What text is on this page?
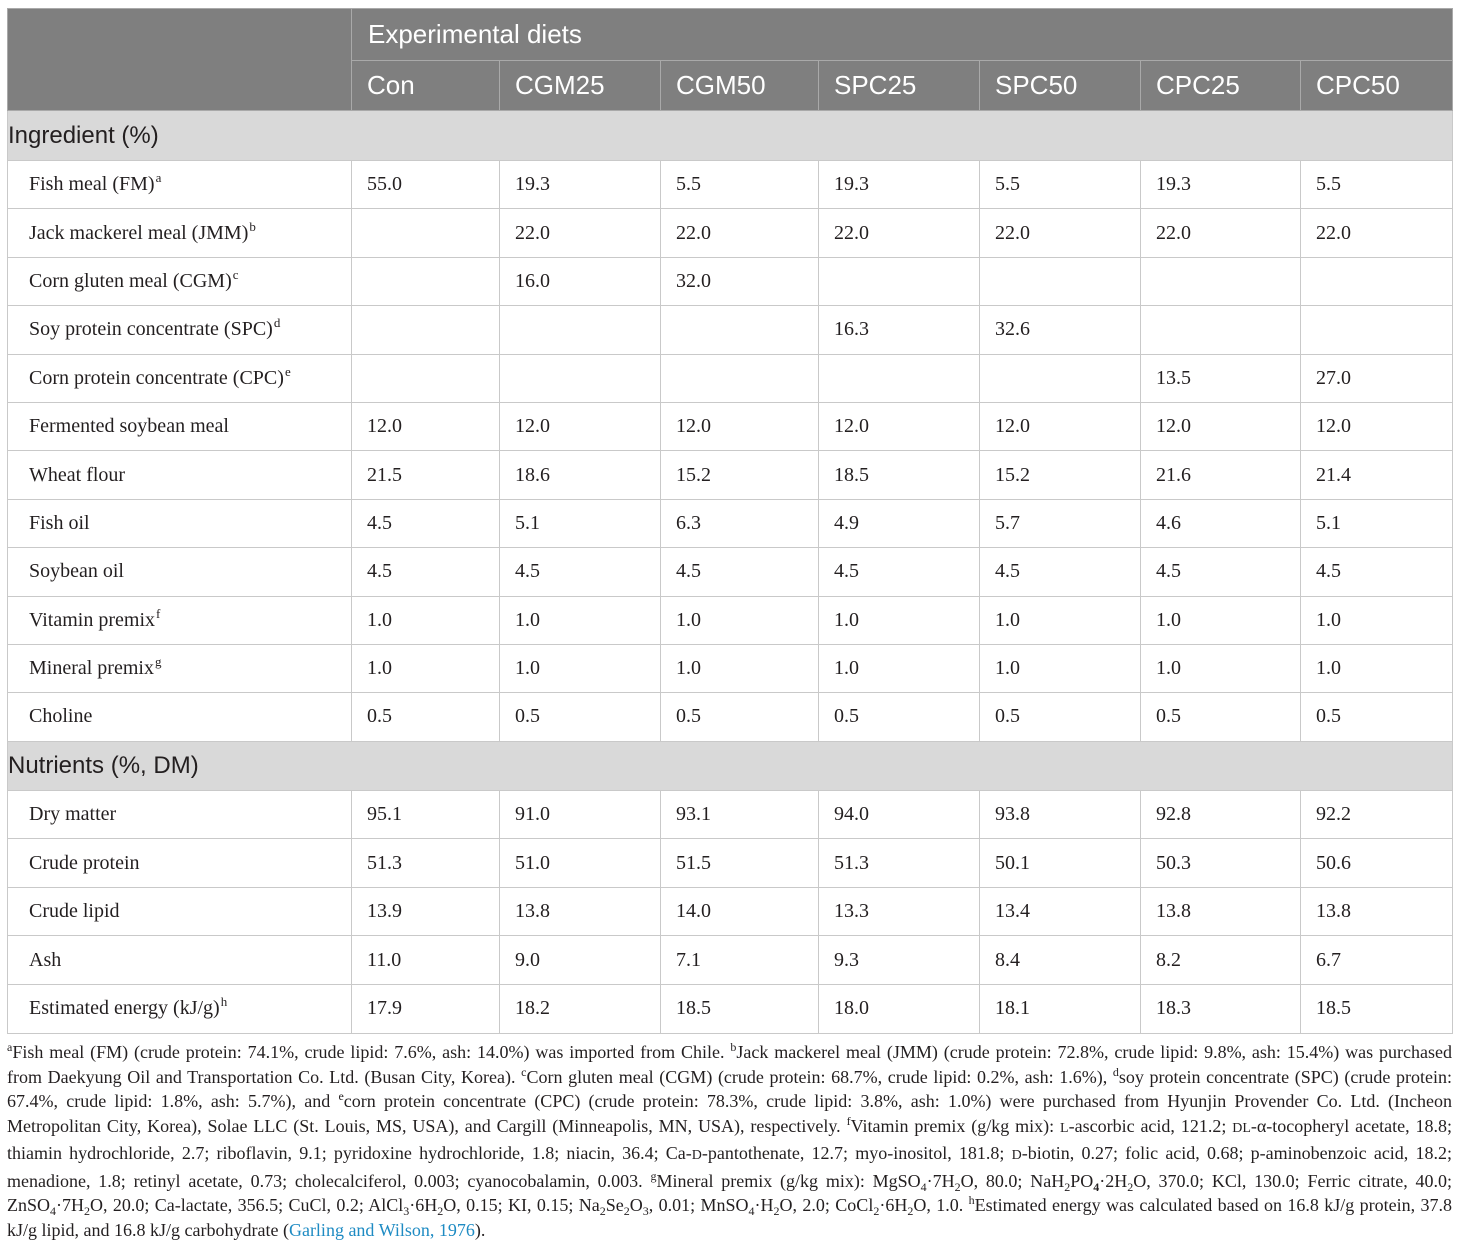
	Experimental diets						
	Con	CGM25	CGM50	SPC25	SPC50	CPC25	CPC50
Ingredient (%)							
Fish meal (FM)$^a$	55.0	19.3	5.5	19.3	5.5	19.3	5.5
Jack mackerel meal (JMM)$^b$		22.0	22.0	22.0	22.0	22.0	22.0
Corn gluten meal (CGM)$^c$		16.0	32.0				
Soy protein concentrate (SPC)$^d$				16.3	32.6		
Corn protein concentrate (CPC)$^e$						13.5	27.0
Fermented soybean meal	12.0	12.0	12.0	12.0	12.0	12.0	12.0
Wheat flour	21.5	18.6	15.2	18.5	15.2	21.6	21.4
Fish oil	4.5	5.1	6.3	4.9	5.7	4.6	5.1
Soybean oil	4.5	4.5	4.5	4.5	4.5	4.5	4.5
Vitamin premix$^f$	1.0	1.0	1.0	1.0	1.0	1.0	1.0
Mineral premix$^g$	1.0	1.0	1.0	1.0	1.0	1.0	1.0
Choline	0.5	0.5	0.5	0.5	0.5	0.5	0.5
Nutrients (%, DM)							
Dry matter	95.1	91.0	93.1	94.0	93.8	92.8	92.2
Crude protein	51.3	51.0	51.5	51.3	50.1	50.3	50.6
Crude lipid	13.9	13.8	14.0	13.3	13.4	13.8	13.8
Ash	11.0	9.0	7.1	9.3	8.4	8.2	6.7
Estimated energy (kJ/g)$^h$	17.9	18.2	18.5	18.0	18.1	18.3	18.5

$^a$Fish meal (FM) (crude protein: 74.1%, crude lipid: 7.6%, ash: 14.0%) was imported from Chile. $^b$Jack mackerel meal (JMM) (crude protein: 72.8%, crude lipid: 9.8%, ash: 15.4%) was purchased from Daekyung Oil and Transportation Co. Ltd. (Busan City, Korea). $^c$Corn gluten meal (CGM) (crude protein: 68.7%, crude lipid: 0.2%, ash: 1.6%), $^d$soy protein concentrate (SPC) (crude protein: 67.4%, crude lipid: 1.8%, ash: 5.7%), and $^e$corn protein concentrate (CPC) (crude protein: 78.3%, crude lipid: 3.8%, ash: 1.0%) were purchased from Hyunjin Provender Co. Ltd. (Incheon Metropolitan City, Korea), Solae LLC (St. Louis, MS, USA), and Cargill (Minneapolis, MN, USA), respectively. $^f$Vitamin premix (g/kg mix): L-ascorbic acid, 121.2; DL-α-tocopheryl acetate, 18.8; thiamin hydrochloride, 2.7; riboflavin, 9.1; pyridoxine hydrochloride, 1.8; niacin, 36.4; Ca-D-pantothenate, 12.7; myo-inositol, 181.8; D-biotin, 0.27; folic acid, 0.68; p-aminobenzoic acid, 18.2; menadione, 1.8; retinyl acetate, 0.73; cholecalciferol, 0.003; cyanocobalamin, 0.003. $^g$Mineral premix (g/kg mix): $MgSO_4\cdot 7H_2O$, 80.0; $NaH_2PO_4\cdot 2H_2O$, 370.0; KCl, 130.0; Ferric citrate, 40.0; $ZnSO_4\cdot 7H_2O$, 20.0; Ca-lactate, 356.5; CuCl, 0.2; $AlCl_3\cdot 6H_2O$, 0.15; KI, 0.15; $Na_2Se_2O_3$, 0.01; $MnSO_4\cdot H_2O$, 2.0; $CoCl_2\cdot 6H_2O$, 1.0. $^h$Estimated energy was calculated based on 16.8 kJ/g protein, 37.8 kJ/g lipid, and 16.8 kJ/g carbohydrate (Garling and Wilson, 1976).
